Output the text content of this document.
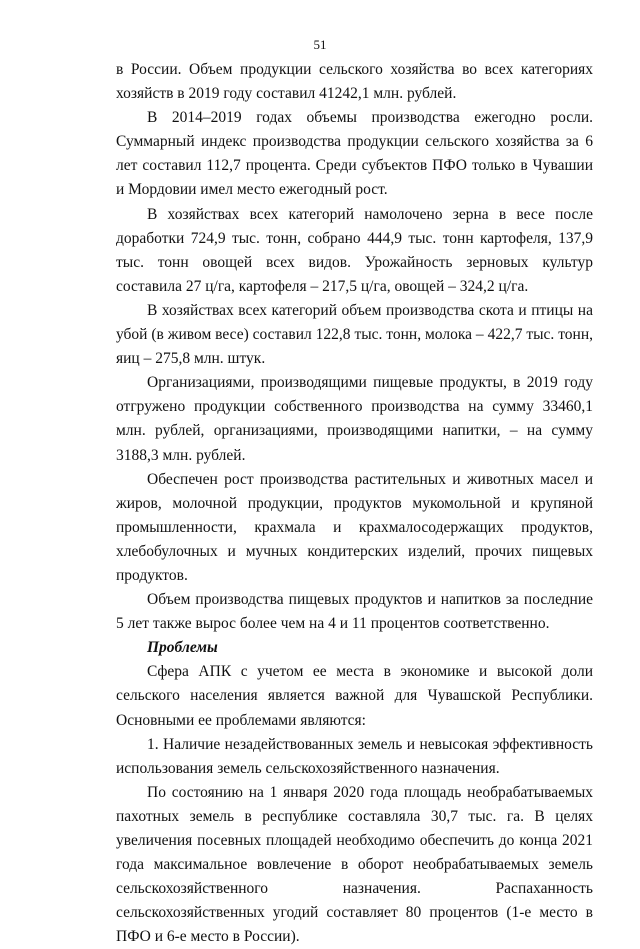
51

в России. Объем продукции сельского хозяйства во всех категориях хозяйств в 2019 году составил 41242,1 млн. рублей.

В 2014–2019 годах объемы производства ежегодно росли. Суммарный индекс производства продукции сельского хозяйства за 6 лет составил 112,7 процента. Среди субъектов ПФО только в Чувашии и Мордовии имел место ежегодный рост.

В хозяйствах всех категорий намолочено зерна в весе после доработки 724,9 тыс. тонн, собрано 444,9 тыс. тонн картофеля, 137,9 тыс. тонн овощей всех видов. Урожайность зерновых культур составила 27 ц/га, картофеля – 217,5 ц/га, овощей – 324,2 ц/га.

В хозяйствах всех категорий объем производства скота и птицы на убой (в живом весе) составил 122,8 тыс. тонн, молока – 422,7 тыс. тонн, яиц – 275,8 млн. штук.

Организациями, производящими пищевые продукты, в 2019 году отгружено продукции собственного производства на сумму 33460,1 млн. рублей, организациями, производящими напитки, – на сумму 3188,3 млн. рублей.

Обеспечен рост производства растительных и животных масел и жиров, молочной продукции, продуктов мукомольной и крупяной промышленности, крахмала и крахмалосодержащих продуктов, хлебобулочных и мучных кондитерских изделий, прочих пищевых продуктов.

Объем производства пищевых продуктов и напитков за последние 5 лет также вырос более чем на 4 и 11 процентов соответственно.

Проблемы

Сфера АПК с учетом ее места в экономике и высокой доли сельского населения является важной для Чувашской Республики. Основными ее проблемами являются:

1. Наличие незадействованных земель и невысокая эффективность использования земель сельскохозяйственного назначения.

По состоянию на 1 января 2020 года площадь необрабатываемых пахотных земель в республике составляла 30,7 тыс. га. В целях увеличения посевных площадей необходимо обеспечить до конца 2021 года максимальное вовлечение в оборот необрабатываемых земель сельскохозяйственного назначения. Распаханность сельскохозяйственных угодий составляет 80 процентов (1-е место в ПФО и 6-е место в России).
